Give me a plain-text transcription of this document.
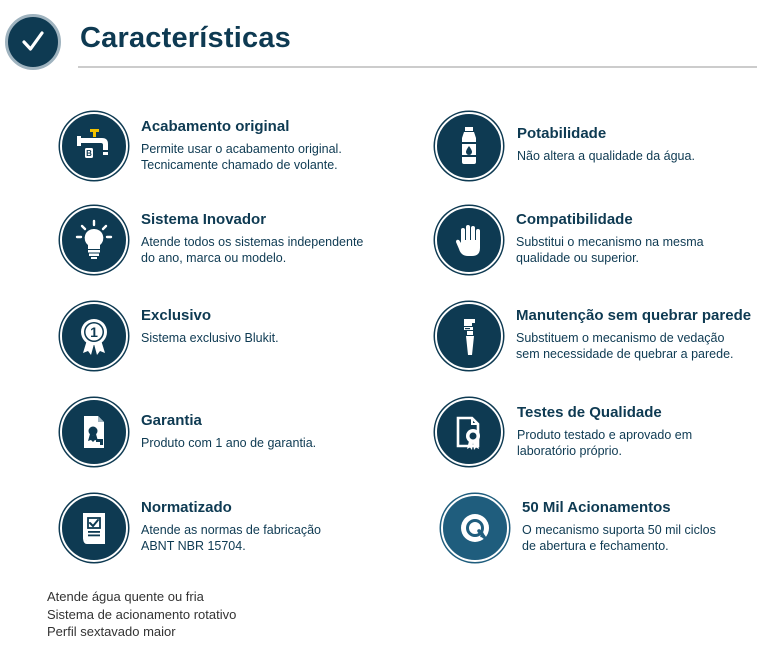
Características
B
Acabamento original
Permite usar o acabamento original.
Tecnicamente chamado de volante.
Potabilidade
Não altera a qualidade da água.
Sistema Inovador
Atende todos os sistemas independente
do ano, marca ou modelo.
Compatibilidade
Substitui o mecanismo na mesma
qualidade ou superior.
1
Exclusivo
Sistema exclusivo Blukit.
Manutenção sem quebrar parede
Substituem o mecanismo de vedação
sem necessidade de quebrar a parede.
Garantia
Produto com 1 ano de garantia.
Testes de Qualidade
Produto testado e aprovado em
laboratório próprio.
Normatizado
Atende as normas de fabricação
ABNT NBR 15704.
50 Mil Acionamentos
O mecanismo suporta 50 mil ciclos
de abertura e fechamento.
Atende água quente ou fria
Sistema de acionamento rotativo
Perfil sextavado maior
